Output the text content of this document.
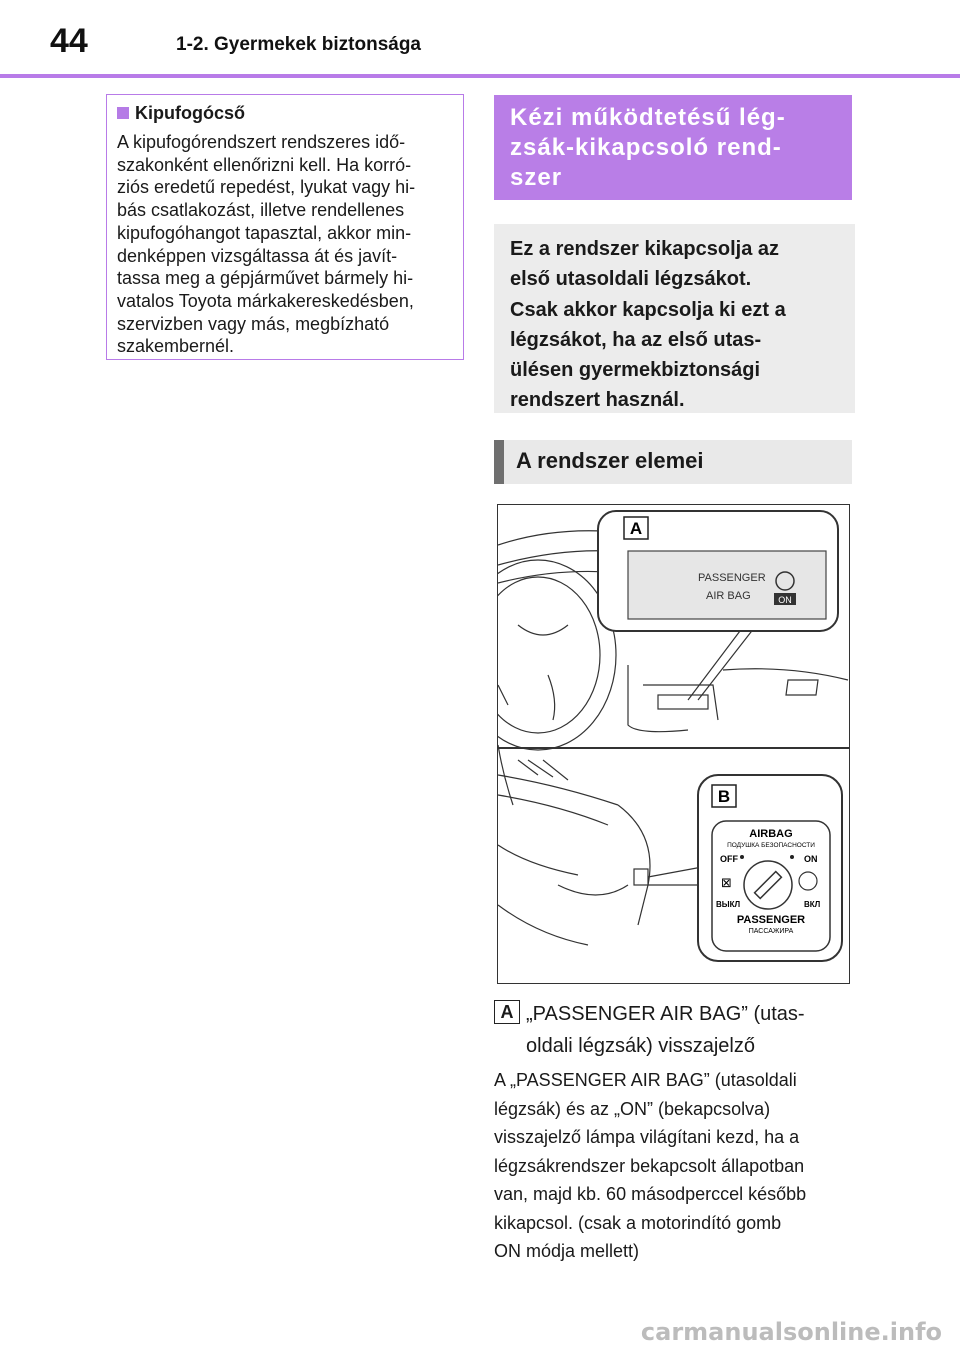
44	1-2. Gyermekek biztonsága
Kipufogócső
A kipufogórendszert rendszeres idő-
szakonként ellenőrizni kell. Ha korró-
ziós eredetű repedést, lyukat vagy hi-
bás csatlakozást, illetve rendellenes
kipufogóhangot tapasztal, akkor min-
denképpen vizsgáltassa át és javít-
tassa meg a gépjárművet bármely hi-
vatalos Toyota márkakereskedésben,
szervizben vagy más, megbízható
szakembernél.
Kézi működtetésű lég-
zsák-kikapcsoló rend-
szer
Ez a rendszer kikapcsolja az
első utasoldali légzsákot.
Csak akkor kapcsolja ki ezt a
légzsákot, ha az első utas-
ülésen gyermekbiztonsági
rendszert használ.
A rendszer elemei
A
PASSENGER
AIR BAG	ON
B
AIRBAG
ПОДУШКА БЕЗОПАСНОСТИ
OFF	ON
⊠
ВЫКЛ	ВКЛ
PASSENGER
ПАССАЖИРА
A „PASSENGER AIR BAG” (utas-
oldali légzsák) visszajelző
A „PASSENGER AIR BAG” (utasoldali
légzsák) és az „ON” (bekapcsolva)
visszajelző lámpa világítani kezd, ha a
légzsákrendszer bekapcsolt állapotban
van, majd kb. 60 másodperccel később
kikapcsol. (csak a motorindító gomb
ON módja mellett)
carmanualsonline.info
